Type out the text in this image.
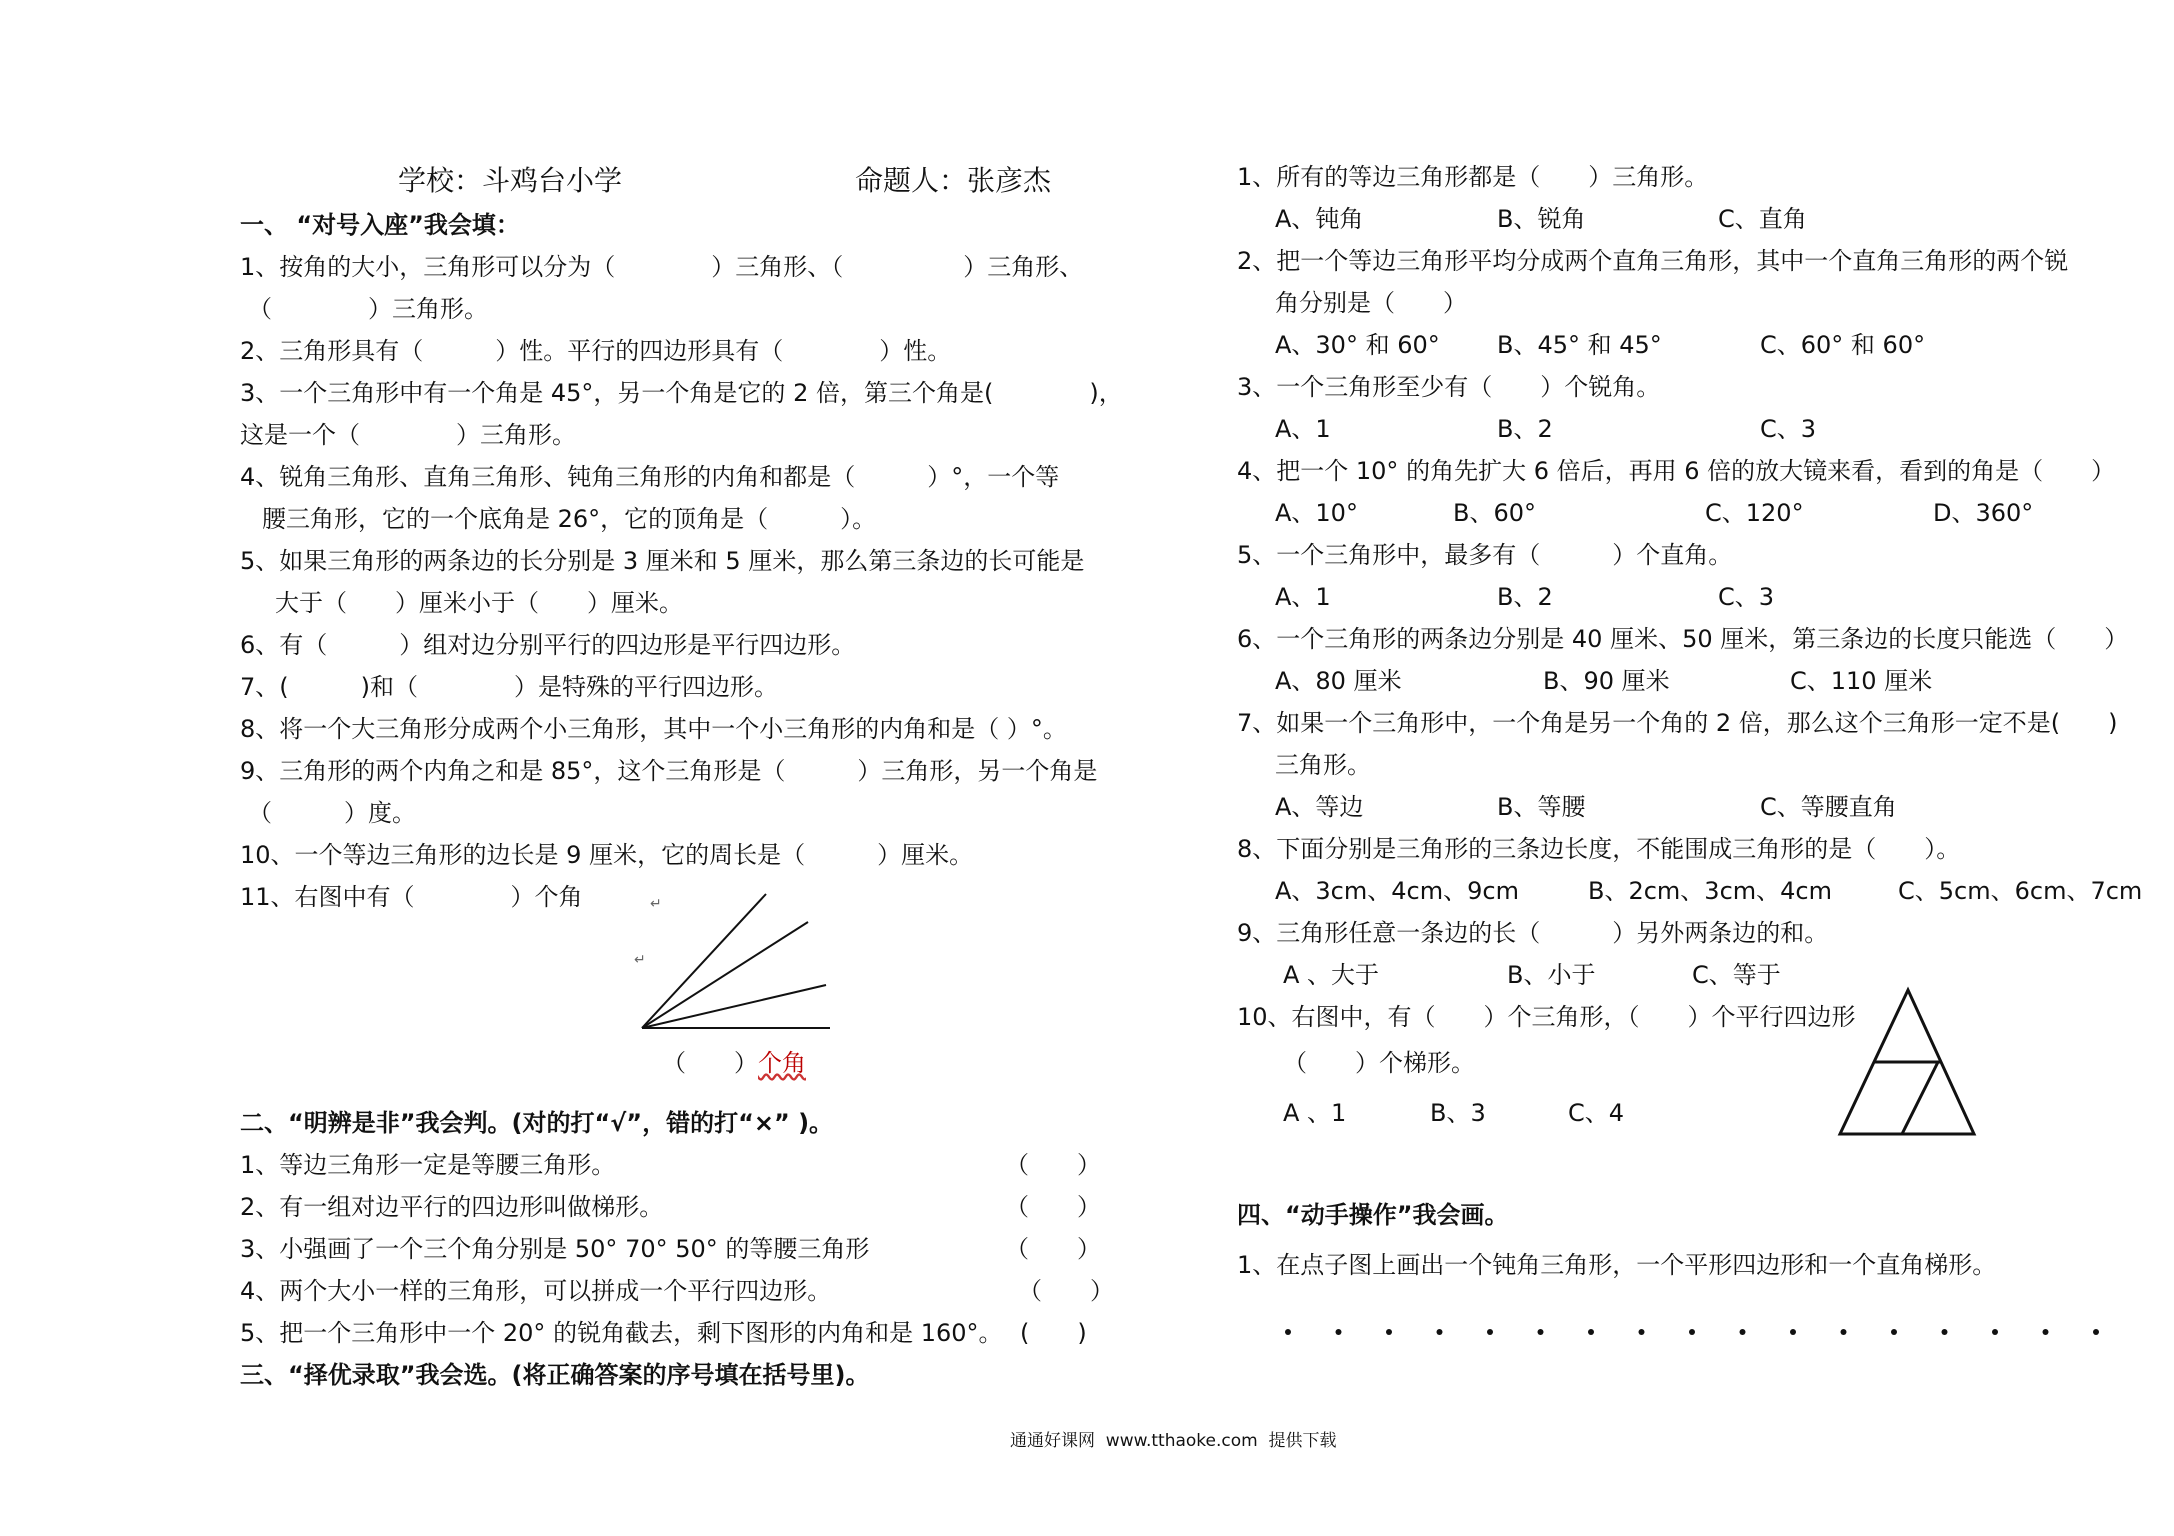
学校：斗鸡台小学	命题人：张彦杰
一、 “对号入座”我会填：
1、按角的大小，三角形可以分为（　　　　）三角形、（　　　　　）三角形、
（　　　　）三角形。
2、三角形具有（　　　）性。平行的四边形具有（　　　　）性。
3、一个三角形中有一个角是 45°，另一个角是它的 2 倍，第三个角是(　　　　)，
这是一个（　　　　）三角形。
4、锐角三角形、直角三角形、钝角三角形的内角和都是（　　　）°，一个等
腰三角形，它的一个底角是 26°，它的顶角是（　　　）。
5、如果三角形的两条边的长分别是 3 厘米和 5 厘米，那么第三条边的长可能是
大于（　　）厘米小于（　　）厘米。
6、有（　　　）组对边分别平行的四边形是平行四边形。
7、(　　　)和（　　　　）是特殊的平行四边形。
8、将一个大三角形分成两个小三角形，其中一个小三角形的内角和是（ ）°。
9、三角形的两个内角之和是 85°，这个三角形是（　　　）三角形，另一个角是
（　　　）度。
10、一个等边三角形的边长是 9 厘米，它的周长是（　　　）厘米。
11、右图中有（　　　　）个角
↵
↵
（　　）个角
二、“明辨是非”我会判。(对的打“√”，错的打“×” )。
1、等边三角形一定是等腰三角形。	（　　）
2、有一组对边平行的四边形叫做梯形。	（　　）
3、小强画了一个三个角分别是 50° 70° 50° 的等腰三角形	（　　）
4、两个大小一样的三角形，可以拼成一个平行四边形。	（　　）
5、把一个三角形中一个 20° 的锐角截去，剩下图形的内角和是 160°。 (　　)
三、“择优录取”我会选。(将正确答案的序号填在括号里)。
1、所有的等边三角形都是（　　）三角形。
A、钝角	B、锐角	C、直角
2、把一个等边三角形平均分成两个直角三角形，其中一个直角三角形的两个锐
角分别是（　　）
A、30° 和 60° B、45° 和 45°	C、60° 和 60°
3、一个三角形至少有（　　）个锐角。
A、1	B、2	C、3
4、把一个 10° 的角先扩大 6 倍后，再用 6 倍的放大镜来看，看到的角是（　　）
A、10°	B、60°	C、120°	D、360°
5、一个三角形中，最多有（　　　）个直角。
A、1	B、2	C、3
6、一个三角形的两条边分别是 40 厘米、50 厘米，第三条边的长度只能选（　　）
A、80 厘米	B、90 厘米	C、110 厘米
7、如果一个三角形中，一个角是另一个角的 2 倍，那么这个三角形一定不是(　　)
三角形。
A、等边	B、等腰	C、等腰直角
8、下面分别是三角形的三条边长度，不能围成三角形的是（　　）。
A、3cm、4cm、9cm	B、2cm、3cm、4cm	C、5cm、6cm、7cm
9、三角形任意一条边的长（　　　）另外两条边的和。
A 、大于	B、小于	C、等于
10、右图中，有（　　）个三角形，（　　）个平行四边形
（　　）个梯形。
A 、1	B、3	C、4
四、“动手操作”我会画。
1、在点子图上画出一个钝角三角形，一个平形四边形和一个直角梯形。
通通好课网  www.tthaoke.com  提供下载
